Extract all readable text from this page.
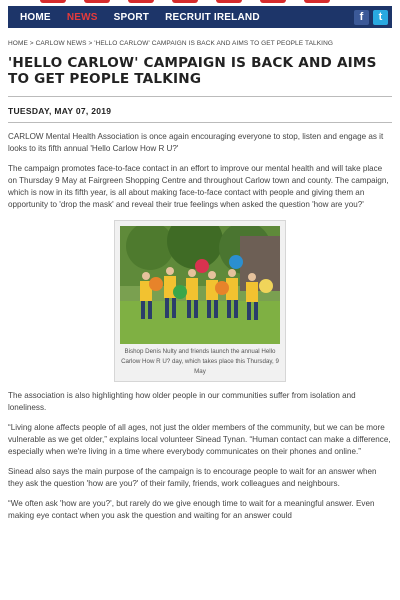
HOME	NEWS	SPORT	RECRUIT IRELAND	f	t
HOME > CARLOW NEWS > 'HELLO CARLOW' CAMPAIGN IS BACK AND AIMS TO GET PEOPLE TALKING
'HELLO CARLOW' CAMPAIGN IS BACK AND AIMS TO GET PEOPLE TALKING
TUESDAY, MAY 07, 2019

CARLOW Mental Health Association is once again encouraging everyone to stop, listen and engage as it looks to its fifth annual 'Hello Carlow How R U?'

The campaign promotes face-to-face contact in an effort to improve our mental health and will take place on Thursday 9 May at Fairgreen Shopping Centre and throughout Carlow town and county. The campaign, which is now in its fifth year, is all about making face-to-face contact with people and giving them an opportunity to 'drop the mask' and reveal their true feelings when asked the question 'how are you?'

Bishop Denis Nulty and friends launch the annual Hello Carlow How R U? day, which takes place this Thursday, 9 May

The association is also highlighting how older people in our communities suffer from isolation and loneliness.

“Living alone affects people of all ages, not just the older members of the community, but we can be more vulnerable as we get older,” explains local volunteer Sinead Tynan. “Human contact can make a difference, especially when we're living in a time where everybody communicates on their phones and online.”

Sinead also says the main purpose of the campaign is to encourage people to wait for an answer when they ask the question 'how are you?' of their family, friends, work colleagues and neighbours.

“We often ask 'how are you?', but rarely do we give enough time to wait for a meaningful answer. Even making eye contact when you ask the question and waiting for an answer could
